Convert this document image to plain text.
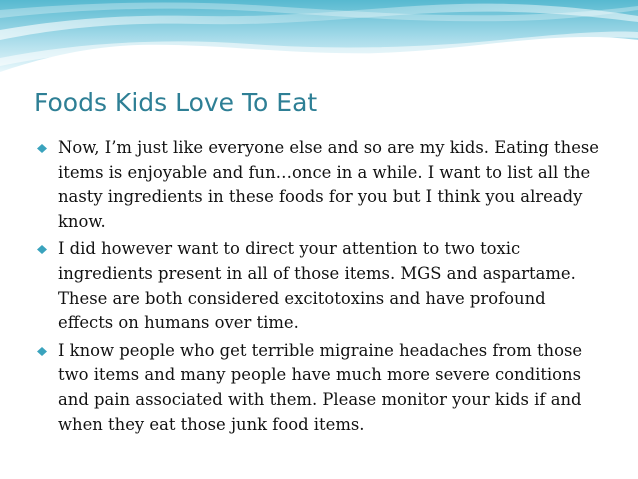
Foods Kids Love To Eat
Now, I’m just like everyone else and so are my kids. Eating these items is enjoyable and fun…once in a while. I want to list all the nasty ingredients in these foods for you but I think you already know.
I did however want to direct your attention to two toxic ingredients present in all of those items. MGS and aspartame. These are both considered excitotoxins and have profound effects on humans over time.
I know people who get terrible migraine headaches from those two items and many people have much more severe conditions and pain associated with them. Please monitor your kids if and when they eat those junk food items.
